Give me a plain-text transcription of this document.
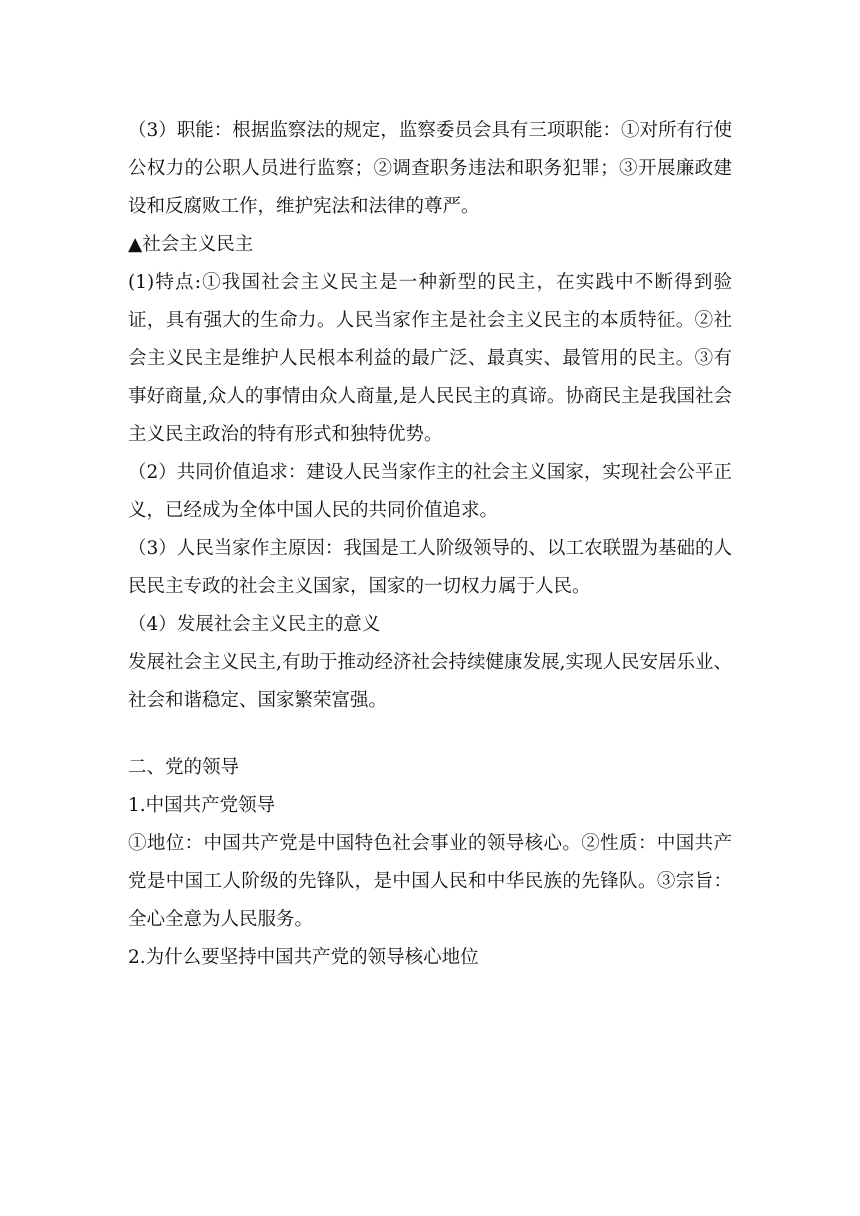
（3）职能：根据监察法的规定，监察委员会具有三项职能：①对所有行使公权力的公职人员进行监察；②调查职务违法和职务犯罪；③开展廉政建设和反腐败工作，维护宪法和法律的尊严。

▲社会主义民主

(1)特点:①我国社会主义民主是一种新型的民主，在实践中不断得到验证，具有强大的生命力。人民当家作主是社会主义民主的本质特征。②社会主义民主是维护人民根本利益的最广泛、最真实、最管用的民主。③有事好商量,众人的事情由众人商量,是人民民主的真谛。协商民主是我国社会主义民主政治的特有形式和独特优势。

（2）共同价值追求：建设人民当家作主的社会主义国家，实现社会公平正义，已经成为全体中国人民的共同价值追求。

（3）人民当家作主原因：我国是工人阶级领导的、以工农联盟为基础的人民民主专政的社会主义国家，国家的一切权力属于人民。

（4）发展社会主义民主的意义

发展社会主义民主,有助于推动经济社会持续健康发展,实现人民安居乐业、社会和谐稳定、国家繁荣富强。

二、党的领导

1.中国共产党领导

①地位：中国共产党是中国特色社会事业的领导核心。②性质：中国共产党是中国工人阶级的先锋队，是中国人民和中华民族的先锋队。③宗旨：全心全意为人民服务。

2.为什么要坚持中国共产党的领导核心地位
